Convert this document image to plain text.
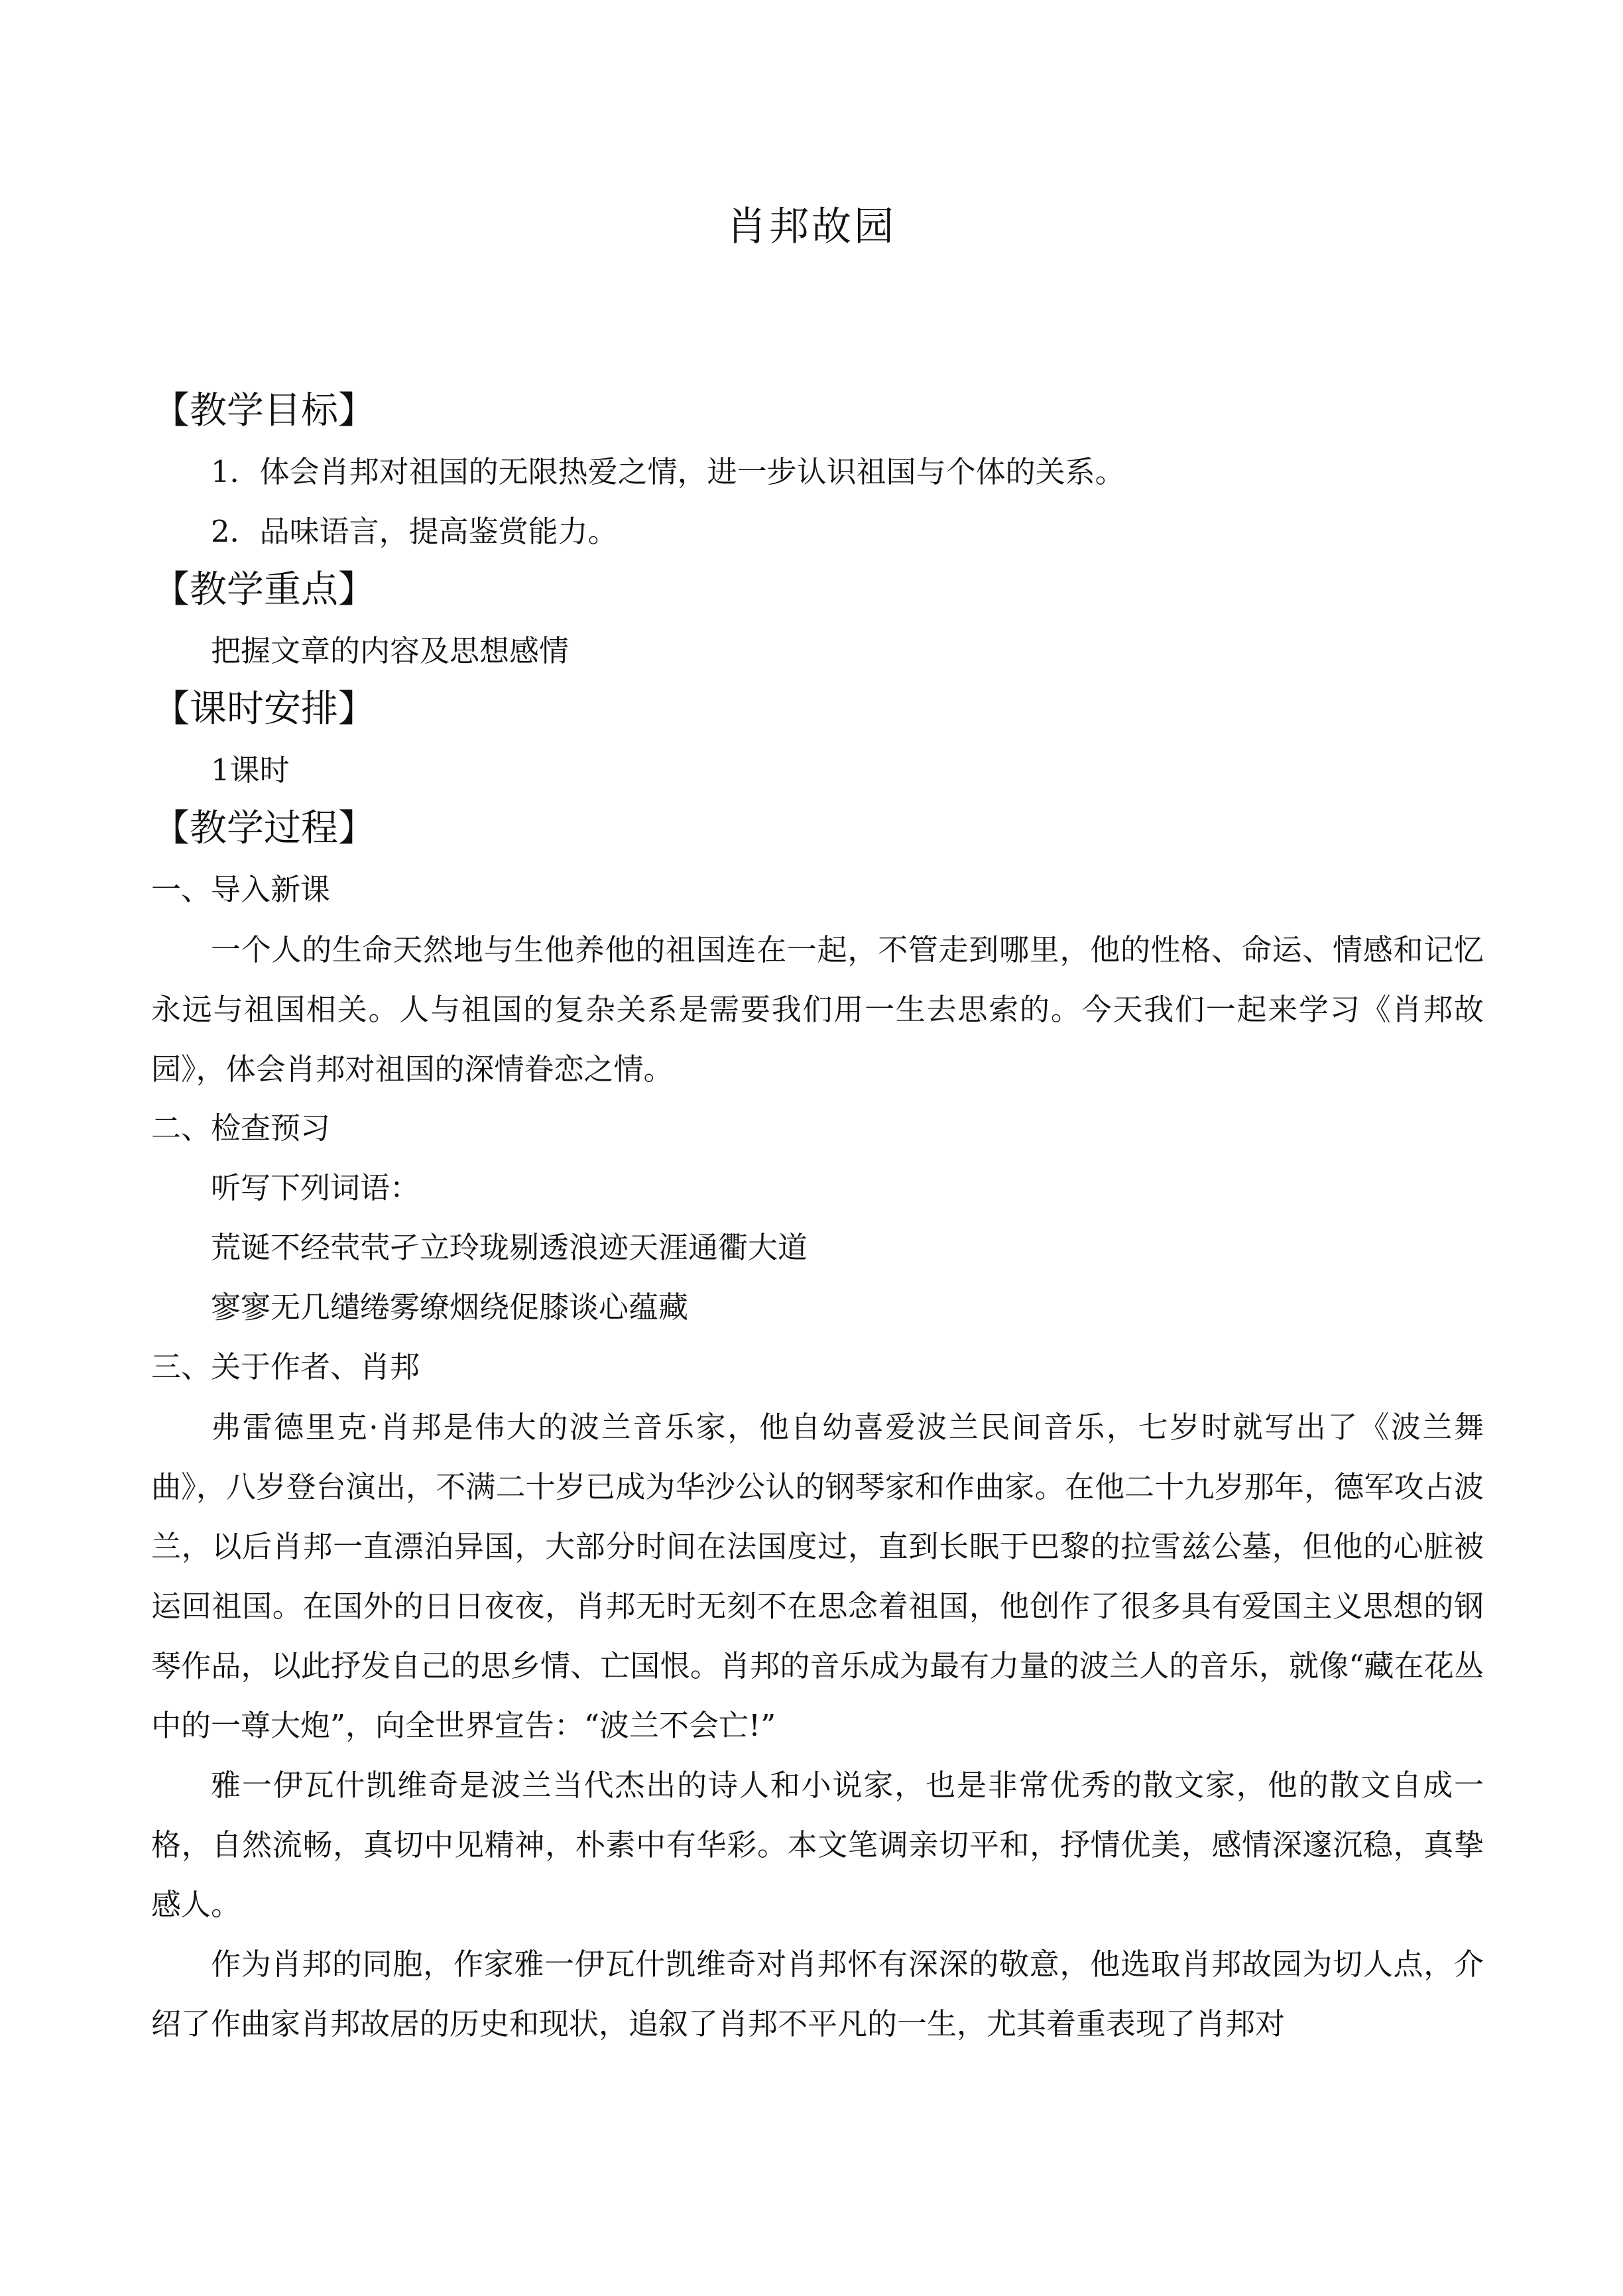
肖邦故园
【教学目标】
1．体会肖邦对祖国的无限热爱之情，进一步认识祖国与个体的关系。
2．品味语言，提高鉴赏能力。
【教学重点】
把握文章的内容及思想感情
【课时安排】
1课时
【教学过程】
一、导入新课

一个人的生命天然地与生他养他的祖国连在一起，不管走到哪里，他的性格、命运、情感和记忆永远与祖国相关。人与祖国的复杂关系是需要我们用一生去思索的。今天我们一起来学习《肖邦故园》，体会肖邦对祖国的深情眷恋之情。

二、检查预习
听写下列词语：
荒诞不经茕茕孑立玲珑剔透浪迹天涯通衢大道
寥寥无几缱绻雾缭烟绕促膝谈心蕴藏
三、关于作者、肖邦

弗雷德里克·肖邦是伟大的波兰音乐家，他自幼喜爱波兰民间音乐，七岁时就写出了《波兰舞曲》，八岁登台演出，不满二十岁已成为华沙公认的钢琴家和作曲家。在他二十九岁那年，德军攻占波兰，以后肖邦一直漂泊异国，大部分时间在法国度过，直到长眠于巴黎的拉雪兹公墓，但他的心脏被运回祖国。在国外的日日夜夜，肖邦无时无刻不在思念着祖国，他创作了很多具有爱国主义思想的钢琴作品，以此抒发自己的思乡情、亡国恨。肖邦的音乐成为最有力量的波兰人的音乐，就像“藏在花丛中的一尊大炮”，向全世界宣告：“波兰不会亡!”

雅一伊瓦什凯维奇是波兰当代杰出的诗人和小说家，也是非常优秀的散文家，他的散文自成一格，自然流畅，真切中见精神，朴素中有华彩。本文笔调亲切平和，抒情优美，感情深邃沉稳，真挚感人。

作为肖邦的同胞，作家雅一伊瓦什凯维奇对肖邦怀有深深的敬意，他选取肖邦故园为切人点，介绍了作曲家肖邦故居的历史和现状，追叙了肖邦不平凡的一生，尤其着重表现了肖邦对
